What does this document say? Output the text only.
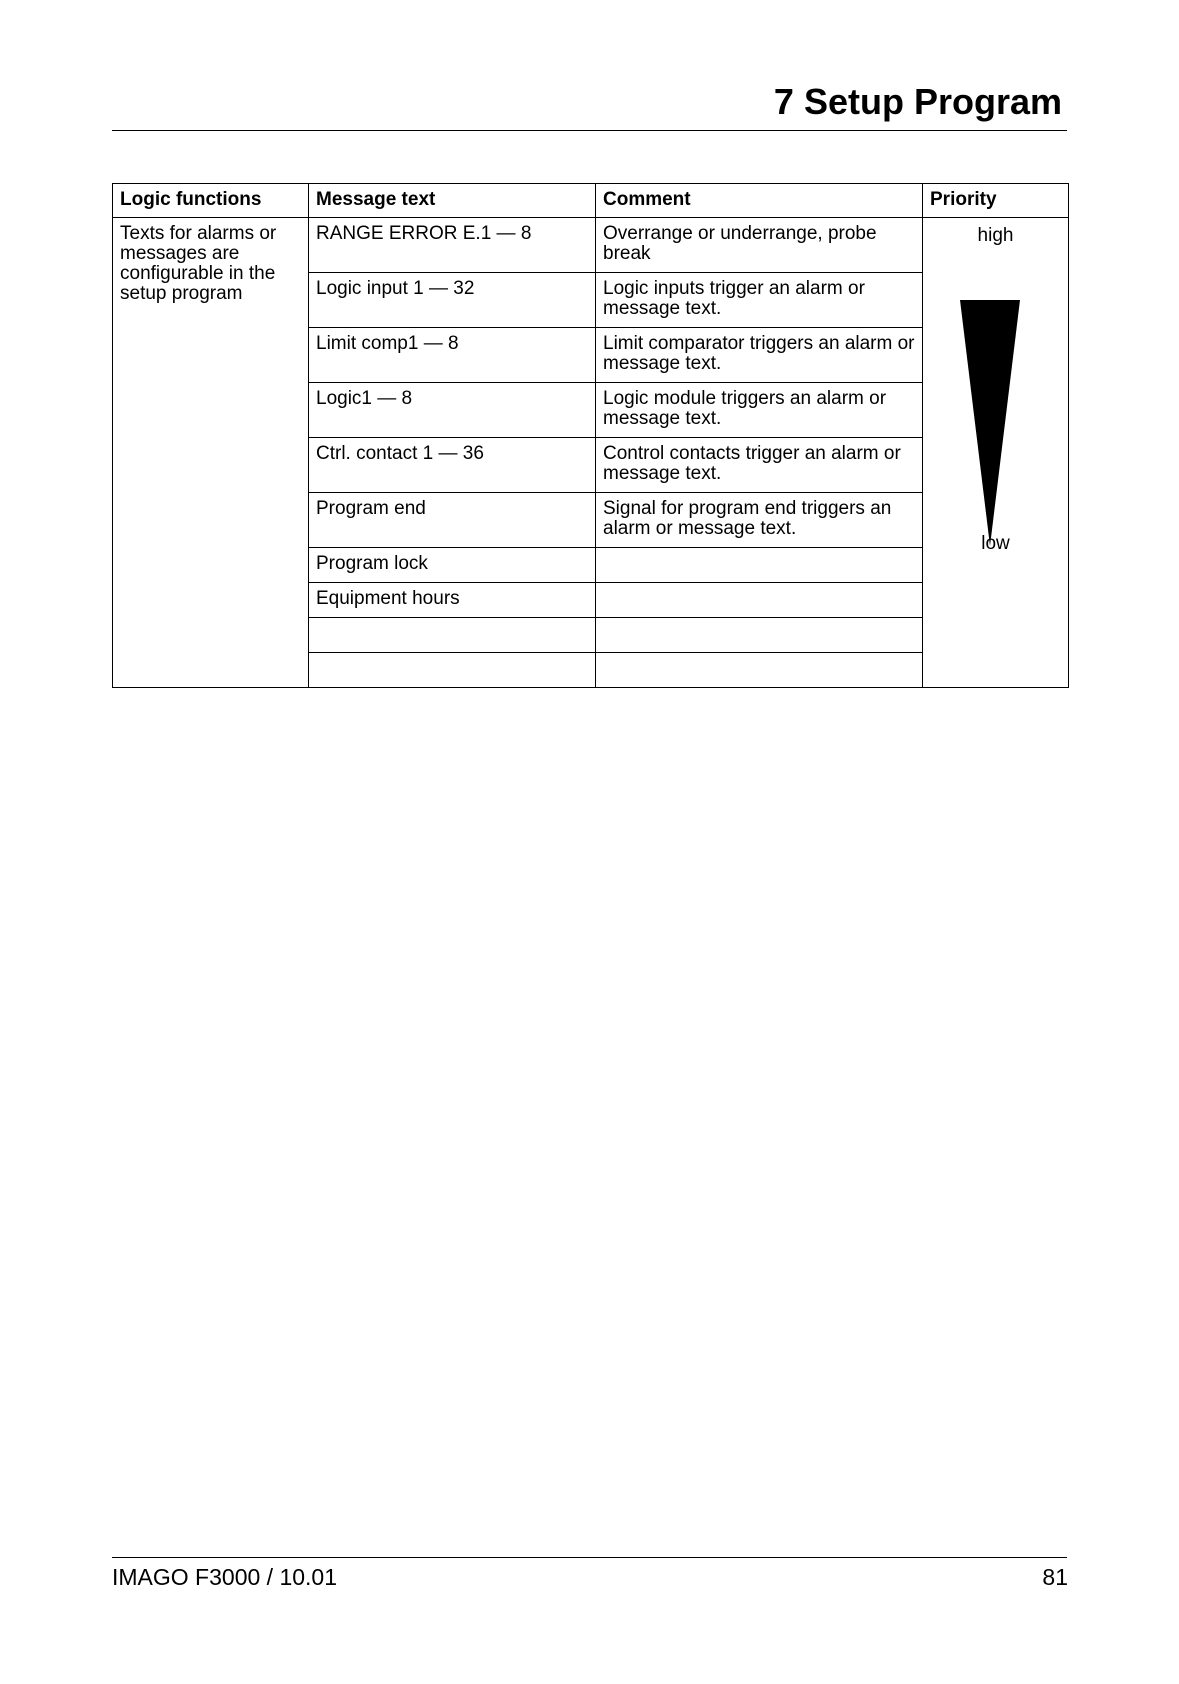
7 Setup Program
Logic functions	Message text	Comment	Priority
Texts for alarms or messages are configurable in the setup program	RANGE ERROR E.1 — 8	Overrange or underrange, probe break	high
low

	Logic input 1 — 32	Logic inputs trigger an alarm or message text.	
	Limit comp1 — 8	Limit comparator triggers an alarm or message text.	
	Logic1 — 8	Logic module triggers an alarm or message text.	
	Ctrl. contact 1 — 36	Control contacts trigger an alarm or message text.	
	Program end	Signal for program end triggers an alarm or message text.	
	Program lock		
	Equipment hours		

IMAGO F3000 / 10.01	81
